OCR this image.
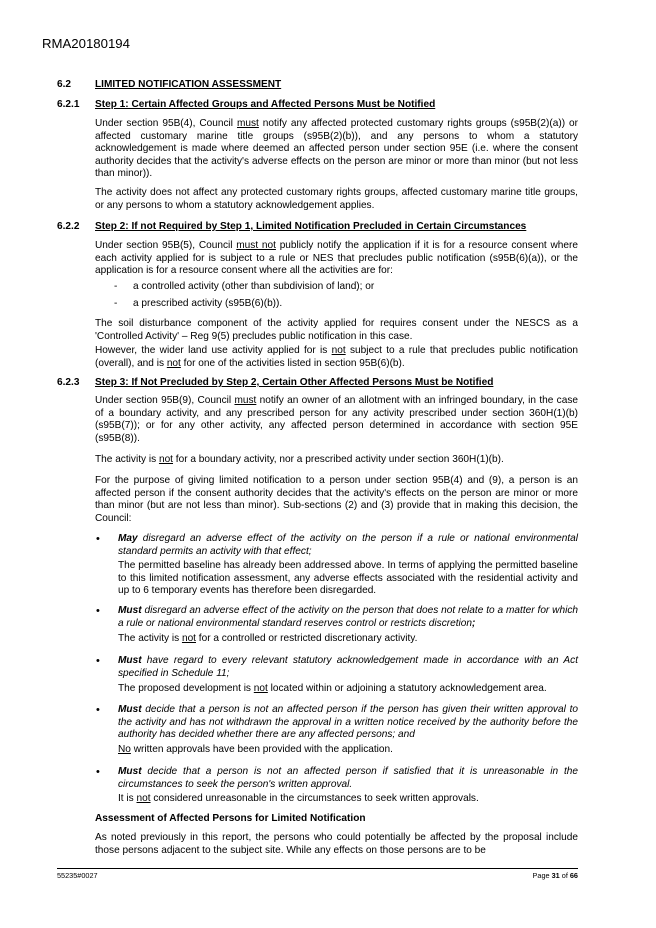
RMA20180194
6.2 LIMITED NOTIFICATION ASSESSMENT
6.2.1 Step 1: Certain Affected Groups and Affected Persons Must be Notified
Under section 95B(4), Council must notify any affected protected customary rights groups (s95B(2)(a)) or affected customary marine title groups (s95B(2)(b)), and any persons to whom a statutory acknowledgement is made where deemed an affected person under section 95E (i.e. where the consent authority decides that the activity's adverse effects on the person are minor or more than minor (but not less than minor)).
The activity does not affect any protected customary rights groups, affected customary marine title groups, or any persons to whom a statutory acknowledgement applies.
6.2.2 Step 2: If not Required by Step 1, Limited Notification Precluded in Certain Circumstances
Under section 95B(5), Council must not publicly notify the application if it is for a resource consent where each activity applied for is subject to a rule or NES that precludes public notification (s95B(6)(a)), or the application is for a resource consent where all the activities are for:
- a controlled activity (other than subdivision of land); or
- a prescribed activity (s95B(6)(b)).
The soil disturbance component of the activity applied for requires consent under the NESCS as a 'Controlled Activity' – Reg 9(5) precludes public notification in this case.
However, the wider land use activity applied for is not subject to a rule that precludes public notification (overall), and is not for one of the activities listed in section 95B(6)(b).
6.2.3 Step 3: If Not Precluded by Step 2, Certain Other Affected Persons Must be Notified
Under section 95B(9), Council must notify an owner of an allotment with an infringed boundary, in the case of a boundary activity, and any prescribed person for any activity prescribed under section 360H(1)(b) (s95B(7)); or for any other activity, any affected person determined in accordance with section 95E (s95B(8)).
The activity is not for a boundary activity, nor a prescribed activity under section 360H(1)(b).
For the purpose of giving limited notification to a person under section 95B(4) and (9), a person is an affected person if the consent authority decides that the activity's effects on the person are minor or more than minor (but are not less than minor). Sub-sections (2) and (3) provide that in making this decision, the Council:
• May disregard an adverse effect of the activity on the person if a rule or national environmental standard permits an activity with that effect;
The permitted baseline has already been addressed above. In terms of applying the permitted baseline to this limited notification assessment, any adverse effects associated with the residential activity and up to 6 temporary events has therefore been disregarded.
• Must disregard an adverse effect of the activity on the person that does not relate to a matter for which a rule or national environmental standard reserves control or restricts discretion;
The activity is not for a controlled or restricted discretionary activity.
• Must have regard to every relevant statutory acknowledgement made in accordance with an Act specified in Schedule 11;
The proposed development is not located within or adjoining a statutory acknowledgement area.
• Must decide that a person is not an affected person if the person has given their written approval to the activity and has not withdrawn the approval in a written notice received by the authority before the authority has decided whether there are any affected persons; and
No written approvals have been provided with the application.
• Must decide that a person is not an affected person if satisfied that it is unreasonable in the circumstances to seek the person's written approval.
It is not considered unreasonable in the circumstances to seek written approvals.
Assessment of Affected Persons for Limited Notification
As noted previously in this report, the persons who could potentially be affected by the proposal include those persons adjacent to the subject site. While any effects on those persons are to be
55235#0027	Page 31 of 66
